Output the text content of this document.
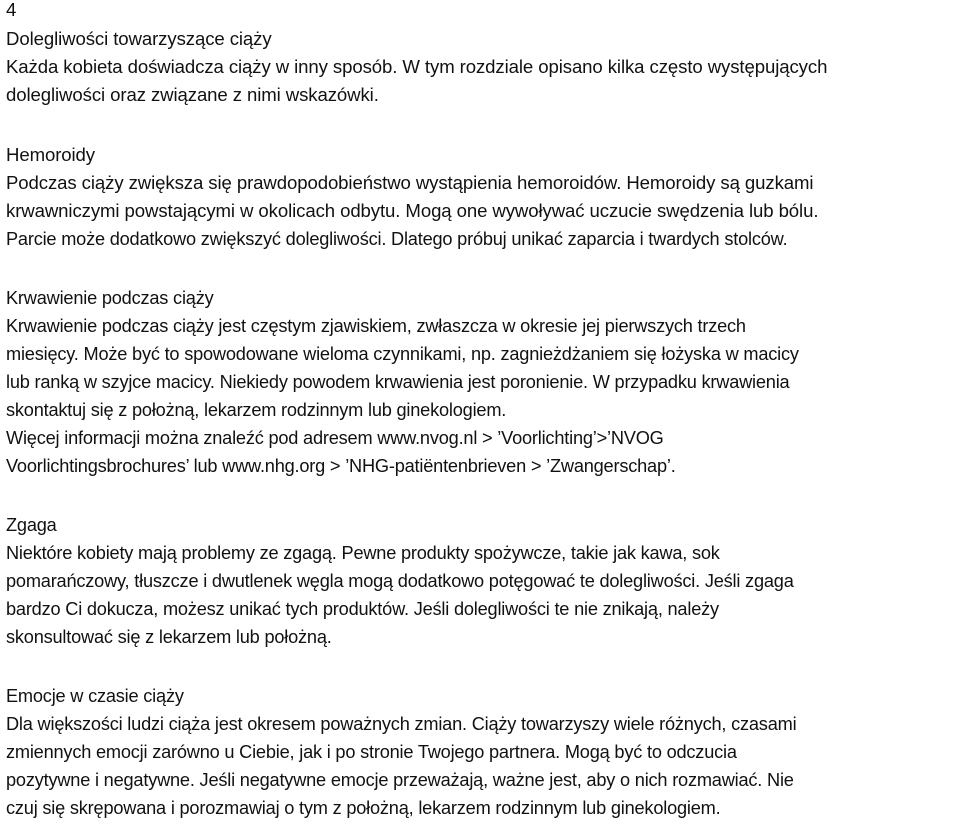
4
Dolegliwości towarzyszące ciąży
Każda kobieta doświadcza ciąży w inny sposób. W tym rozdziale opisano kilka często występujących
dolegliwości oraz związane z nimi wskazówki.
Hemoroidy
Podczas ciąży zwiększa się prawdopodobieństwo wystąpienia hemoroidów. Hemoroidy są guzkami
krwawniczymi powstającymi w okolicach odbytu. Mogą one wywoływać uczucie swędzenia lub bólu.
Parcie może dodatkowo zwiększyć dolegliwości. Dlatego próbuj unikać zaparcia i twardych stolców.
Krwawienie podczas ciąży
Krwawienie podczas ciąży jest częstym zjawiskiem, zwłaszcza w okresie jej pierwszych trzech
miesięcy. Może być to spowodowane wieloma czynnikami, np. zagnieżdżaniem się łożyska w macicy
lub ranką w szyjce macicy. Niekiedy powodem krwawienia jest poronienie. W przypadku krwawienia
skontaktuj się z położną, lekarzem rodzinnym lub ginekologiem.
Więcej informacji można znaleźć pod adresem www.nvog.nl > ’Voorlichting’>’NVOG
Voorlichtingsbrochures’ lub www.nhg.org > ’NHG-patiëntenbrieven > ’Zwangerschap’.
Zgaga
Niektóre kobiety mają problemy ze zgagą. Pewne produkty spożywcze, takie jak kawa, sok
pomarańczowy, tłuszcze i dwutlenek węgla mogą dodatkowo potęgować te dolegliwości. Jeśli zgaga
bardzo Ci dokucza, możesz unikać tych produktów. Jeśli dolegliwości te nie znikają, należy
skonsultować się z lekarzem lub położną.
Emocje w czasie ciąży
Dla większości ludzi ciąża jest okresem poważnych zmian. Ciąży towarzyszy wiele różnych, czasami
zmiennych emocji zarówno u Ciebie, jak i po stronie Twojego partnera. Mogą być to odczucia
pozytywne i negatywne. Jeśli negatywne emocje przeważają, ważne jest, aby o nich rozmawiać. Nie
czuj się skrępowana i porozmawiaj o tym z położną, lekarzem rodzinnym lub ginekologiem.
